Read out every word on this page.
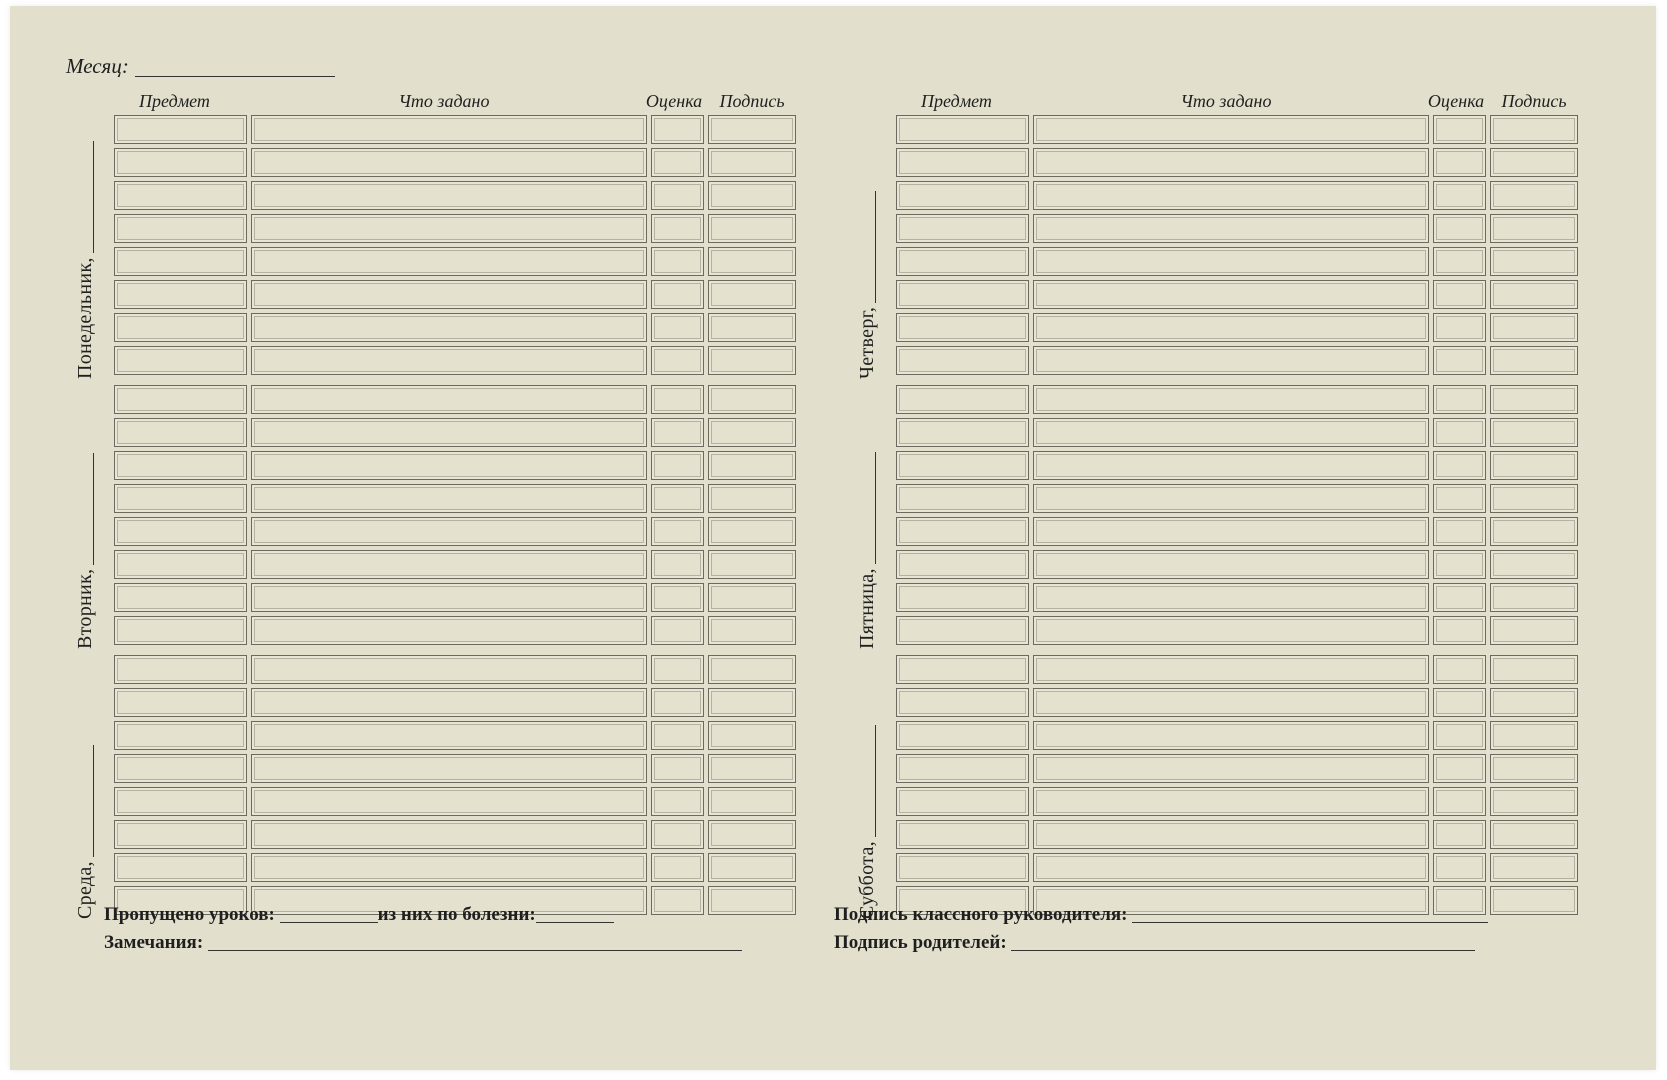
Месяц:
Предмет	Что задано	Оценка Подпись
Понедельник,
Вторник,
Среда,
Предмет	Что задано	Оценка Подпись
Четверг,
Пятница,
Суббота,
Пропущено уроков:	из них по болезни:
Замечания:
Подпись классного руководителя:
Подпись родителей:
